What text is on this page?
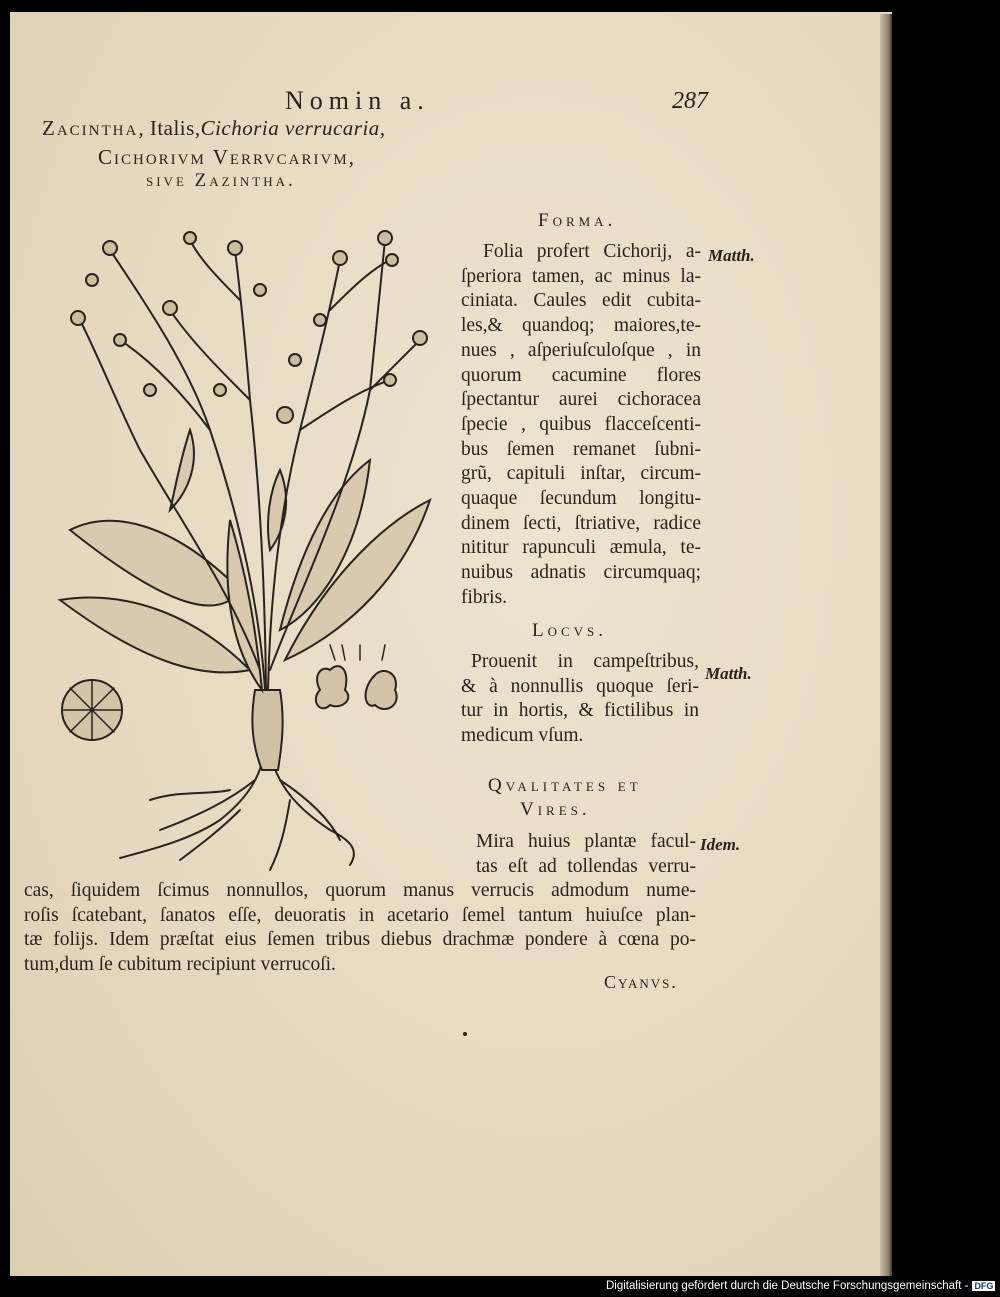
Nomin a.	287
Zacintha, Italis,Cichoria verrucaria,
Cichorivm Verrvcarivm,
sive Zazintha.
Forma.
Folia profert Cichorij, a-
ſperiora tamen, ac minus la-
ciniata. Caules edit cubita-
les,& quandoq; maiores,te-
nues , aſperiuſculoſque , in
quorum cacumine flores
ſpectantur aurei cichoracea
ſpecie , quibus flacceſcenti-
bus ſemen remanet ſubni-
grũ, capituli inſtar, circum-
quaque ſecundum longitu-
dinem ſecti, ſtriative, radice
nititur rapunculi æmula, te-
nuibus adnatis circumquaq;
fibris.
Matth.
Locvs.
Prouenit in campeſtribus,
& à nonnullis quoque ſeri-
tur in hortis, & fictilibus in
medicum vſum.
Matth.
Qvalitates et
Vires.
Mira huius plantæ facul-
tas eſt ad tollendas verru-
cas, ſiquidem ſcimus nonnullos, quorum manus verrucis admodum nume-
roſis ſcatebant, ſanatos eſſe, deuoratis in acetario ſemel tantum huiuſce plan-
tæ folijs. Idem præſtat eius ſemen tribus diebus drachmæ pondere à cœna po-
tum,dum ſe cubitum recipiunt verrucoſi.
Idem.
Cyanvs.
Digitalisierung gefördert durch die Deutsche Forschungsgemeinschaft - DFG
